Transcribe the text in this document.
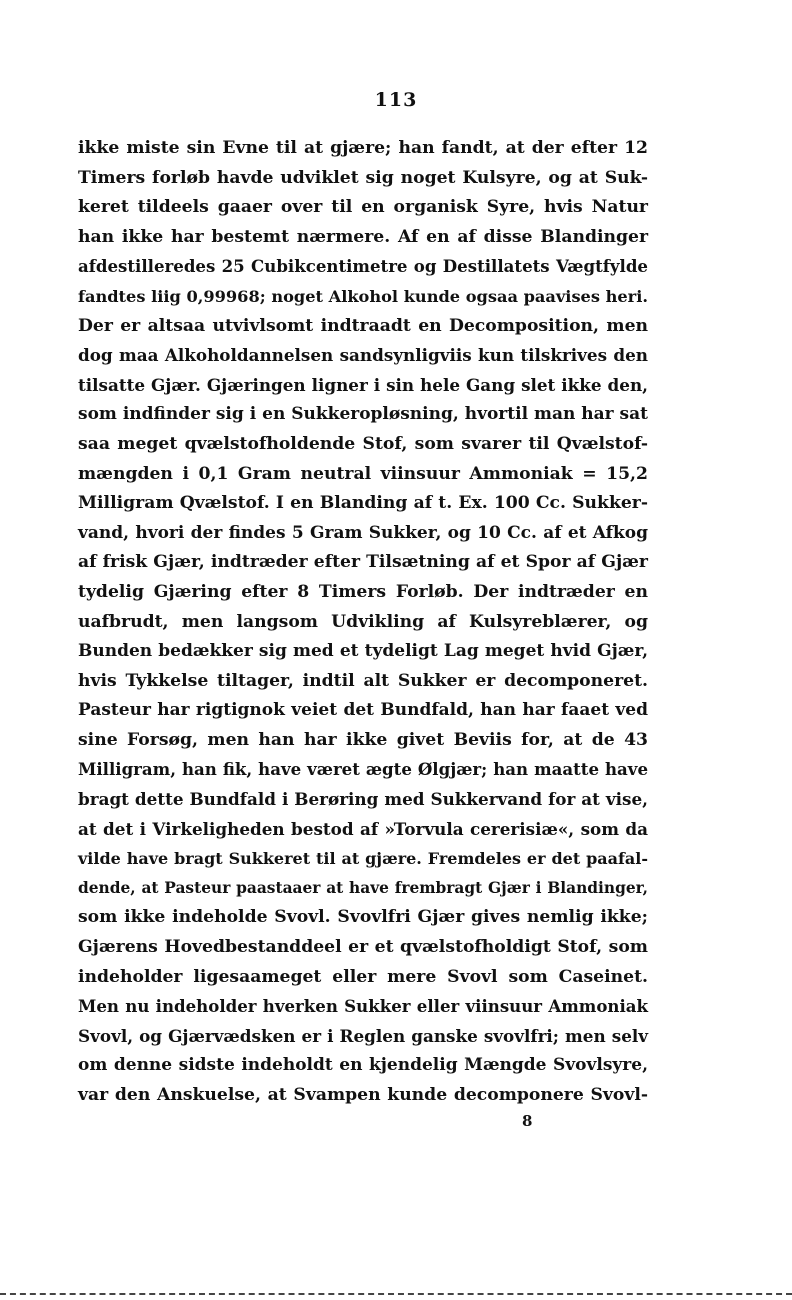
113
ikke miste sin Evne til at gjære; han fandt, at der efter 12
Timers forløb havde udviklet sig noget Kulsyre, og at Suk-
keret tildeels gaaer over til en organisk Syre, hvis Natur
han ikke har bestemt nærmere. Af en af disse Blandinger
afdestilleredes 25 Cubikcentimetre og Destillatets Vægtfylde
fandtes liig 0,99968; noget Alkohol kunde ogsaa paavises heri.
Der er altsaa utvivlsomt indtraadt en Decomposition, men
dog maa Alkoholdannelsen sandsynligviis kun tilskrives den
tilsatte Gjær. Gjæringen ligner i sin hele Gang slet ikke den,
som indfinder sig i en Sukkeropløsning, hvortil man har sat
saa meget qvælstofholdende Stof, som svarer til Qvælstof-
mængden i 0,1 Gram neutral viinsuur Ammoniak = 15,2
Milligram Qvælstof. I en Blanding af t. Ex. 100 Cc. Sukker-
vand, hvori der findes 5 Gram Sukker, og 10 Cc. af et Afkog
af frisk Gjær, indtræder efter Tilsætning af et Spor af Gjær
tydelig Gjæring efter 8 Timers Forløb. Der indtræder en
uafbrudt, men langsom Udvikling af Kulsyreblærer, og
Bunden bedækker sig med et tydeligt Lag meget hvid Gjær,
hvis Tykkelse tiltager, indtil alt Sukker er decomponeret.
Pasteur har rigtignok veiet det Bundfald, han har faaet ved
sine Forsøg, men han har ikke givet Beviis for, at de 43
Milligram, han fik, have været ægte Ølgjær; han maatte have
bragt dette Bundfald i Berøring med Sukkervand for at vise,
at det i Virkeligheden bestod af »Torvula cererisiæ«, som da
vilde have bragt Sukkeret til at gjære. Fremdeles er det paafal-
dende, at Pasteur paastaaer at have frembragt Gjær i Blandinger,
som ikke indeholde Svovl. Svovlfri Gjær gives nemlig ikke;
Gjærens Hovedbestanddeel er et qvælstofholdigt Stof, som
indeholder ligesaameget eller mere Svovl som Caseinet.
Men nu indeholder hverken Sukker eller viinsuur Ammoniak
Svovl, og Gjærvædsken er i Reglen ganske svovlfri; men selv
om denne sidste indeholdt en kjendelig Mængde Svovlsyre,
var den Anskuelse, at Svampen kunde decomponere Svovl-
8
